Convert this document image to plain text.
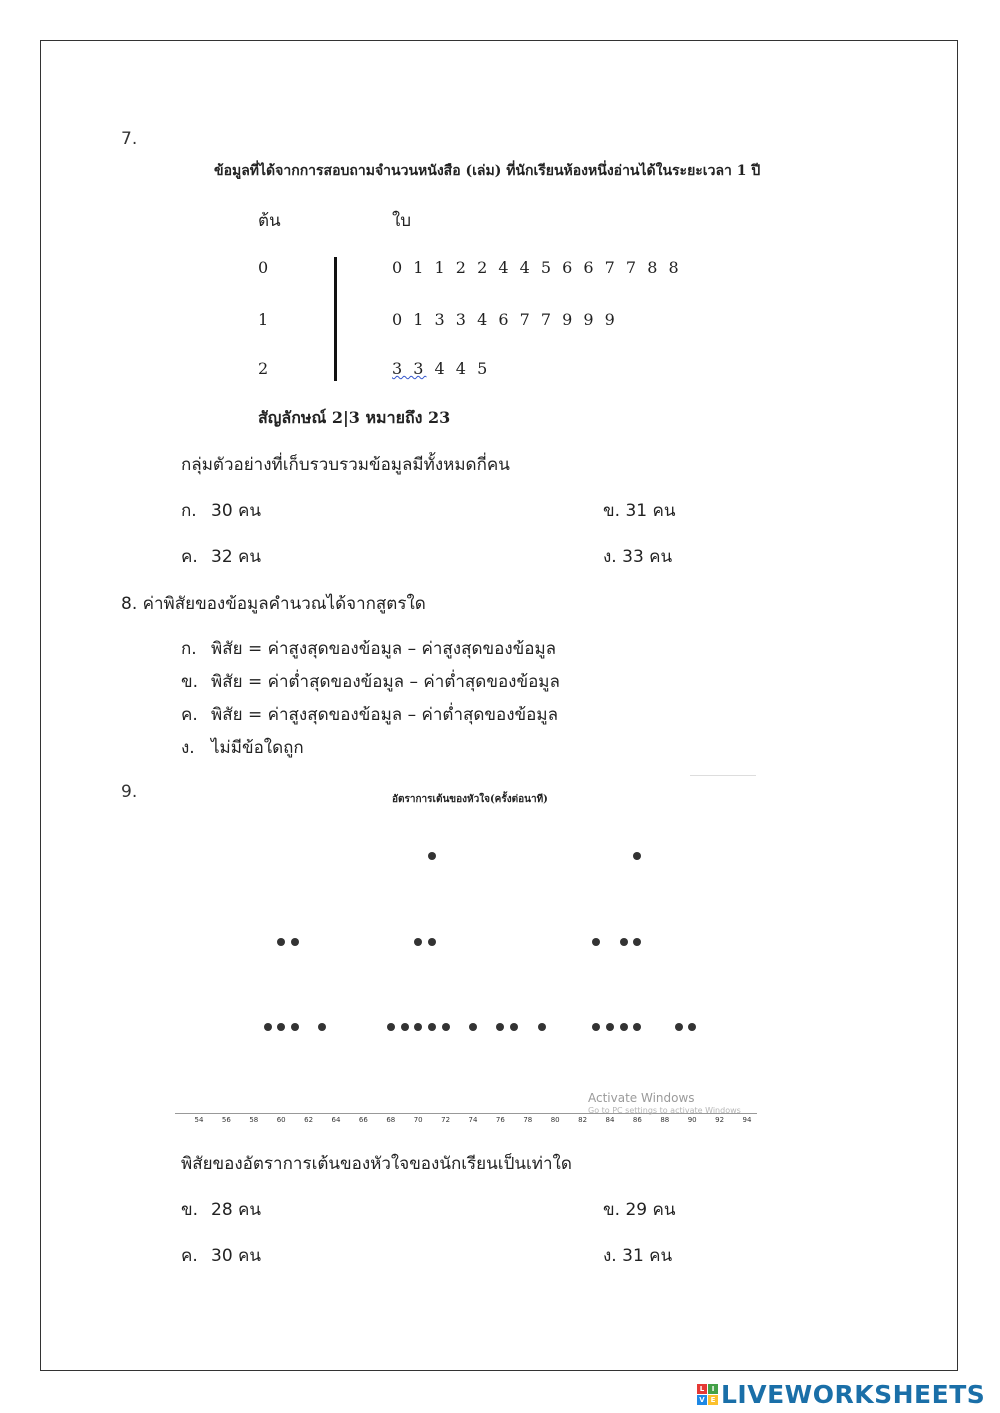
7.
ข้อมูลที่ได้จากการสอบถามจำนวนหนังสือ (เล่ม) ที่นักเรียนห้องหนึ่งอ่านได้ในระยะเวลา 1 ปี
ต้น	ใบ
0	0 1 1 2 2 4 4 5 6 6 7 7 8 8
1	0 1 3 3 4 6 7 7 9 9 9
2	3 3 4 4 5
สัญลักษณ์ 2|3 หมายถึง 23
กลุ่มตัวอย่างที่เก็บรวบรวมข้อมูลมีทั้งหมดกี่คน
ก. 30 คน	ข. 31 คน
ค. 32 คน	ง. 33 คน
8. ค่าพิสัยของข้อมูลคำนวณได้จากสูตรใด
ก. พิสัย = ค่าสูงสุดของข้อมูล – ค่าสูงสุดของข้อมูล
ข. พิสัย = ค่าต่ำสุดของข้อมูล – ค่าต่ำสุดของข้อมูล
ค. พิสัย = ค่าสูงสุดของข้อมูล – ค่าต่ำสุดของข้อมูล
ง. ไม่มีข้อใดถูก
9.	อัตราการเต้นของหัวใจ(ครั้งต่อนาที)
Activate Windows
Go to PC settings to activate Windows
พิสัยของอัตราการเต้นของหัวใจของนักเรียนเป็นเท่าใด
ข. 28 คน	ข. 29 คน
ค. 30 คน	ง. 31 คน
L	I
V E LIVEWORKSHEETS
54	56	58	60	62	64	66	68	70	72	74	76	78	80	82	84	86	88	90	92	94
